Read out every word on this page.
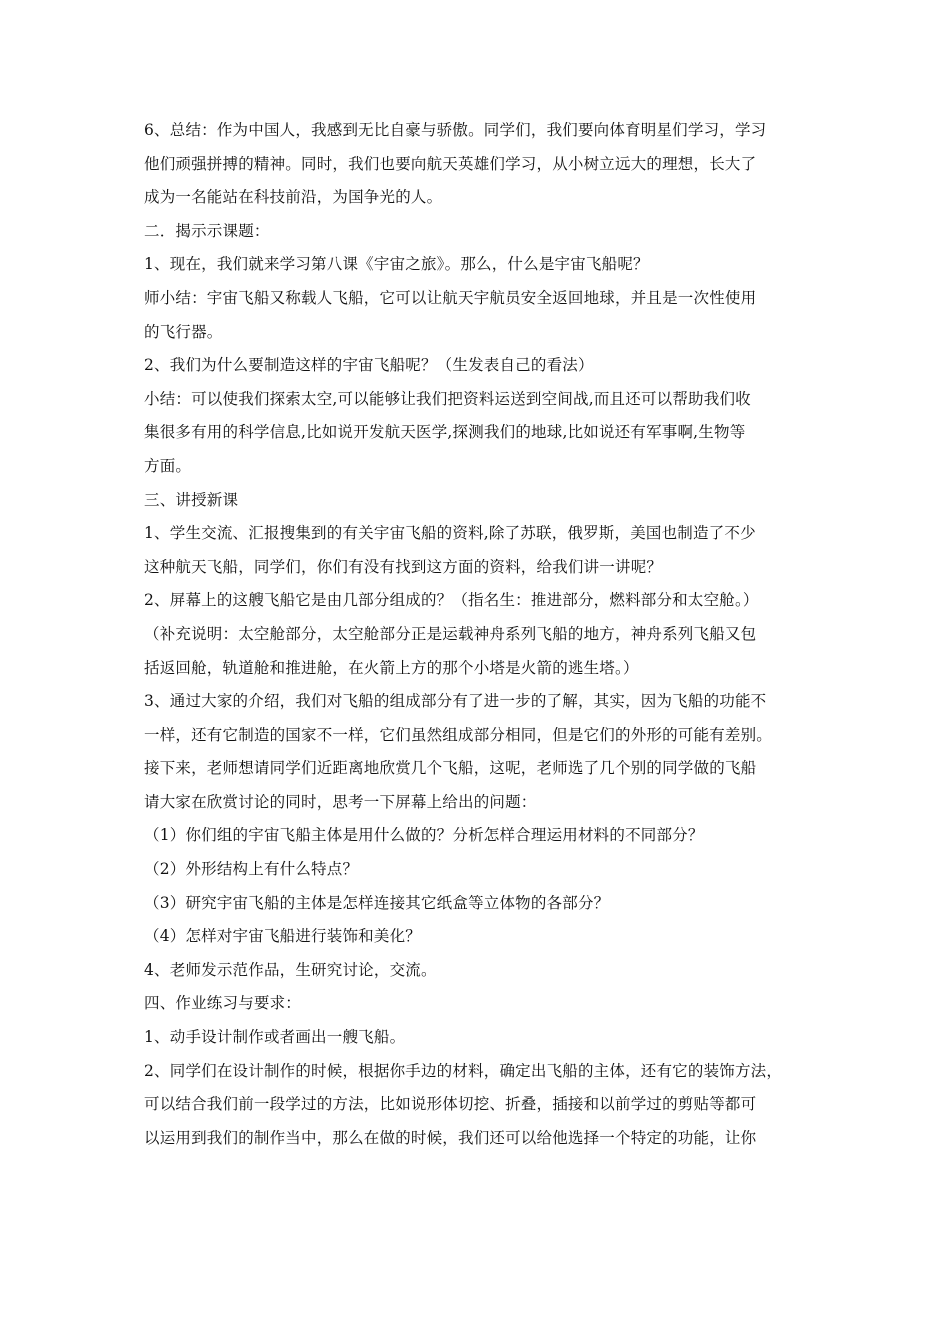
6、总结：作为中国人，我感到无比自豪与骄傲。同学们，我们要向体育明星们学习，学习
他们顽强拼搏的精神。同时，我们也要向航天英雄们学习，从小树立远大的理想，长大了
成为一名能站在科技前沿，为国争光的人。
二．揭示示课题：
1、现在，我们就来学习第八课《宇宙之旅》。那么，什么是宇宙飞船呢？
师小结：宇宙飞船又称载人飞船，它可以让航天宇航员安全返回地球，并且是一次性使用
的飞行器。
2、我们为什么要制造这样的宇宙飞船呢？（生发表自己的看法）
小结：可以使我们探索太空,可以能够让我们把资料运送到空间战,而且还可以帮助我们收
集很多有用的科学信息,比如说开发航天医学,探测我们的地球,比如说还有军事啊,生物等
方面。
三、讲授新课
1、学生交流、汇报搜集到的有关宇宙飞船的资料,除了苏联，俄罗斯，美国也制造了不少
这种航天飞船，同学们，你们有没有找到这方面的资料，给我们讲一讲呢？
2、屏幕上的这艘飞船它是由几部分组成的？（指名生：推进部分，燃料部分和太空舱。）
（补充说明：太空舱部分，太空舱部分正是运载神舟系列飞船的地方，神舟系列飞船又包
括返回舱，轨道舱和推进舱，在火箭上方的那个小塔是火箭的逃生塔。）
3、通过大家的介绍，我们对飞船的组成部分有了进一步的了解，其实，因为飞船的功能不
一样，还有它制造的国家不一样，它们虽然组成部分相同，但是它们的外形的可能有差别。
接下来，老师想请同学们近距离地欣赏几个飞船，这呢，老师选了几个别的同学做的飞船
请大家在欣赏讨论的同时，思考一下屏幕上给出的问题：
（1）你们组的宇宙飞船主体是用什么做的？分析怎样合理运用材料的不同部分？
（2）外形结构上有什么特点？
（3）研究宇宙飞船的主体是怎样连接其它纸盒等立体物的各部分？
（4）怎样对宇宙飞船进行装饰和美化？
4、老师发示范作品，生研究讨论，交流。
四、作业练习与要求：
1、动手设计制作或者画出一艘飞船。
2、同学们在设计制作的时候，根据你手边的材料，确定出飞船的主体，还有它的装饰方法，
可以结合我们前一段学过的方法，比如说形体切挖、折叠，插接和以前学过的剪贴等都可
以运用到我们的制作当中，那么在做的时候，我们还可以给他选择一个特定的功能，让你
